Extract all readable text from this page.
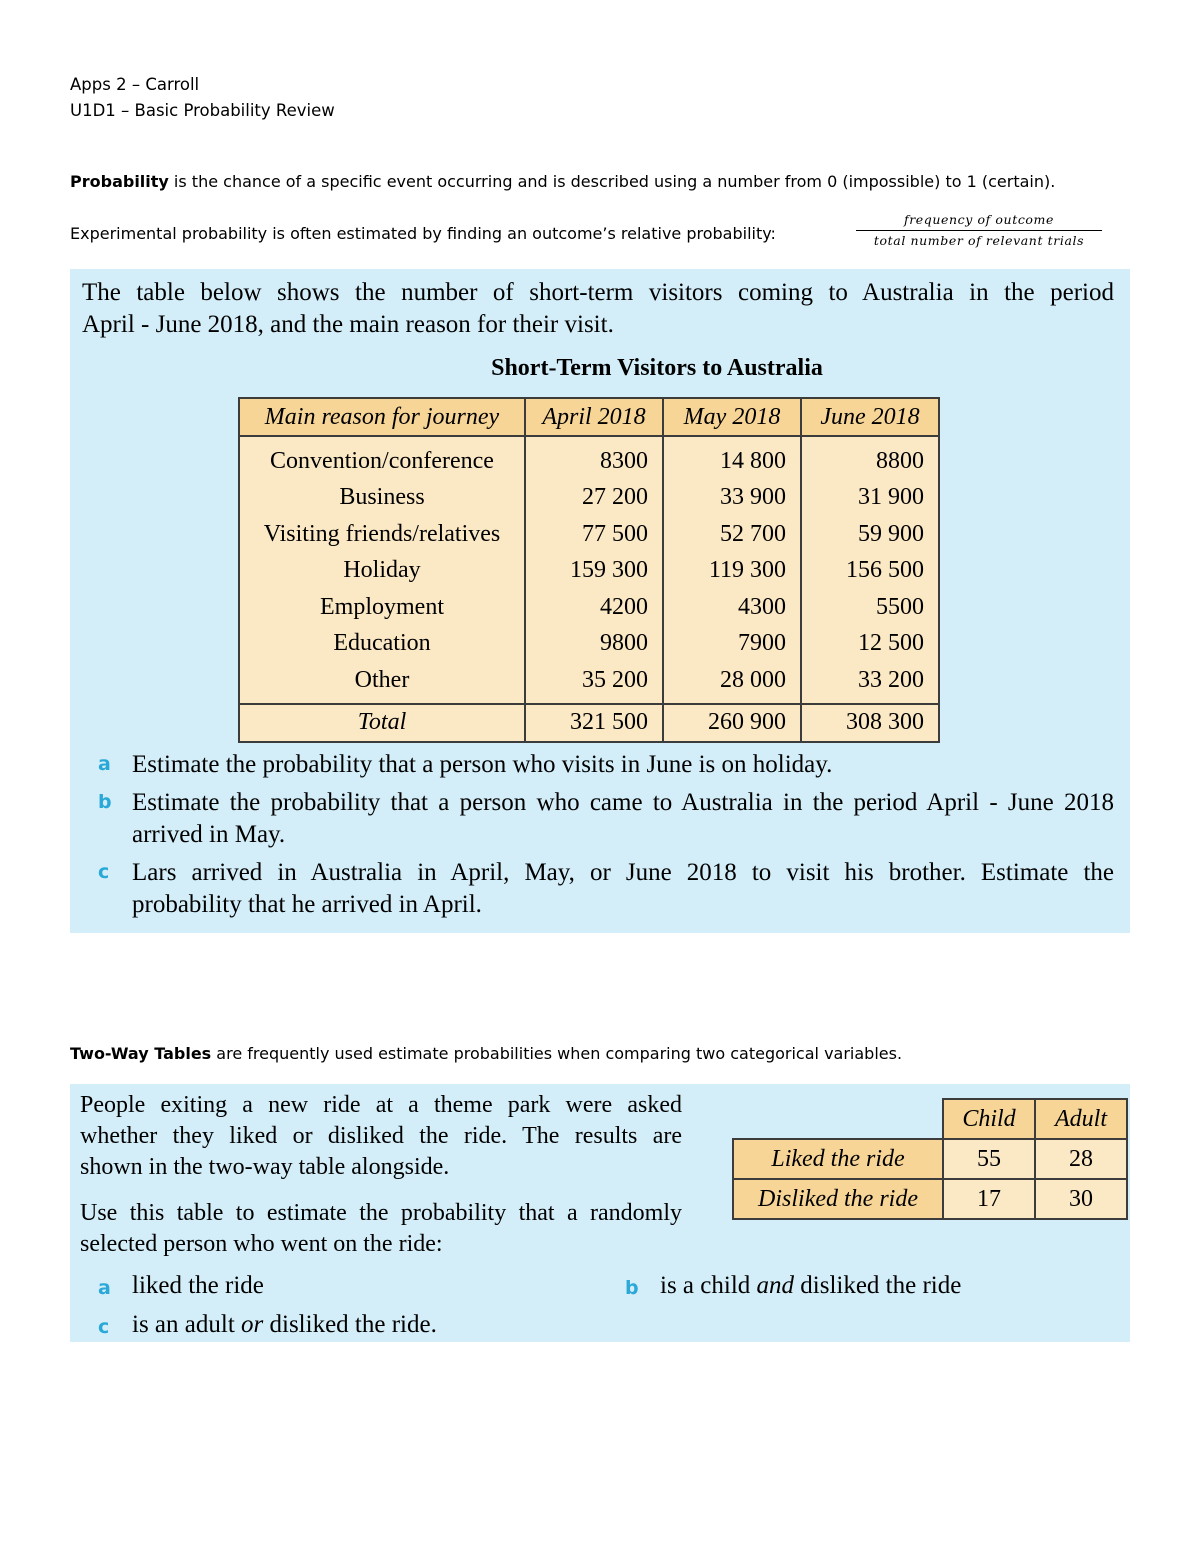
Apps 2 – Carroll
U1D1 – Basic Probability Review
Probability is the chance of a specific event occurring and is described using a number from 0 (impossible) to 1 (certain).
Experimental probability is often estimated by finding an outcome’s relative probability:
frequency of outcome
total number of relevant trials
The table below shows the number of short-term visitors coming to Australia in the period
April - June 2018, and the main reason for their visit.
Short-Term Visitors to Australia
Main reason for journey	April 2018	May 2018	June 2018
Convention/conference	8300	14 800	8800
Business	27 200	33 900	31 900
Visiting friends/relatives	77 500	52 700	59 900
Holiday	159 300	119 300	156 500
Employment	4200	4300	5500
Education	9800	7900	12 500
Other	35 200	28 000	33 200
Total	321 500	260 900	308 300
a Estimate the probability that a person who visits in June is on holiday.
b Estimate the probability that a person who came to Australia in the period April - June 2018
arrived in May.
c Lars arrived in Australia in April, May, or June 2018 to visit his brother. Estimate the
probability that he arrived in April.
Two-Way Tables are frequently used estimate probabilities when comparing two categorical variables.
People exiting a new ride at a theme park were asked
whether they liked or disliked the ride. The results are
shown in the two-way table alongside.
Use this table to estimate the probability that a randomly
selected person who went on the ride:
	Child	Adult
Liked the ride	55	28
Disliked the ride	17	30
a liked the ride	b is a child and disliked the ride
c is an adult or disliked the ride.
